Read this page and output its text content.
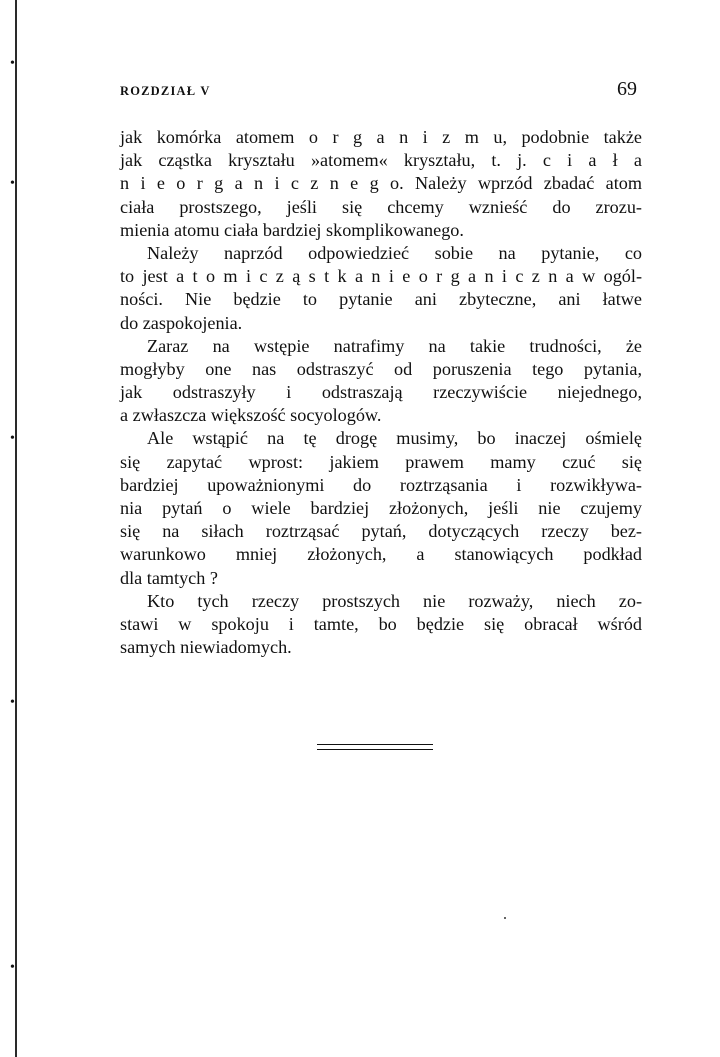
•
•
•
•
•
ROZDZIAŁ V	69
jak komórka atomem o r g a n i z m u, podobnie także
jak cząstka kryształu »atomem« kryształu, t. j. c i a ł a
n i e o r g a n i c z n e g o. Należy wprzód zbadać atom
ciała prostszego, jeśli się chcemy wznieść do zrozu-
mienia atomu ciała bardziej skomplikowanego.
Należy naprzód odpowiedzieć sobie na pytanie, co
to jest a t o m i c z ą s t k a n i e o r g a n i c z n a w ogól-
ności. Nie będzie to pytanie ani zbyteczne, ani łatwe
do zaspokojenia.
Zaraz na wstępie natrafimy na takie trudności, że
mogłyby one nas odstraszyć od poruszenia tego pytania,
jak odstraszyły i odstraszają rzeczywiście niejednego,
a zwłaszcza większość socyologów.
Ale wstąpić na tę drogę musimy, bo inaczej ośmielę
się zapytać wprost: jakiem prawem mamy czuć się
bardziej upoważnionymi do roztrząsania i rozwikływa-
nia pytań o wiele bardziej złożonych, jeśli nie czujemy
się na siłach roztrząsać pytań, dotyczących rzeczy bez-
warunkowo mniej złożonych, a stanowiących podkład
dla tamtych ?
Kto tych rzeczy prostszych nie rozważy, niech zo-
stawi w spokoju i tamte, bo będzie się obracał wśród
samych niewiadomych.
